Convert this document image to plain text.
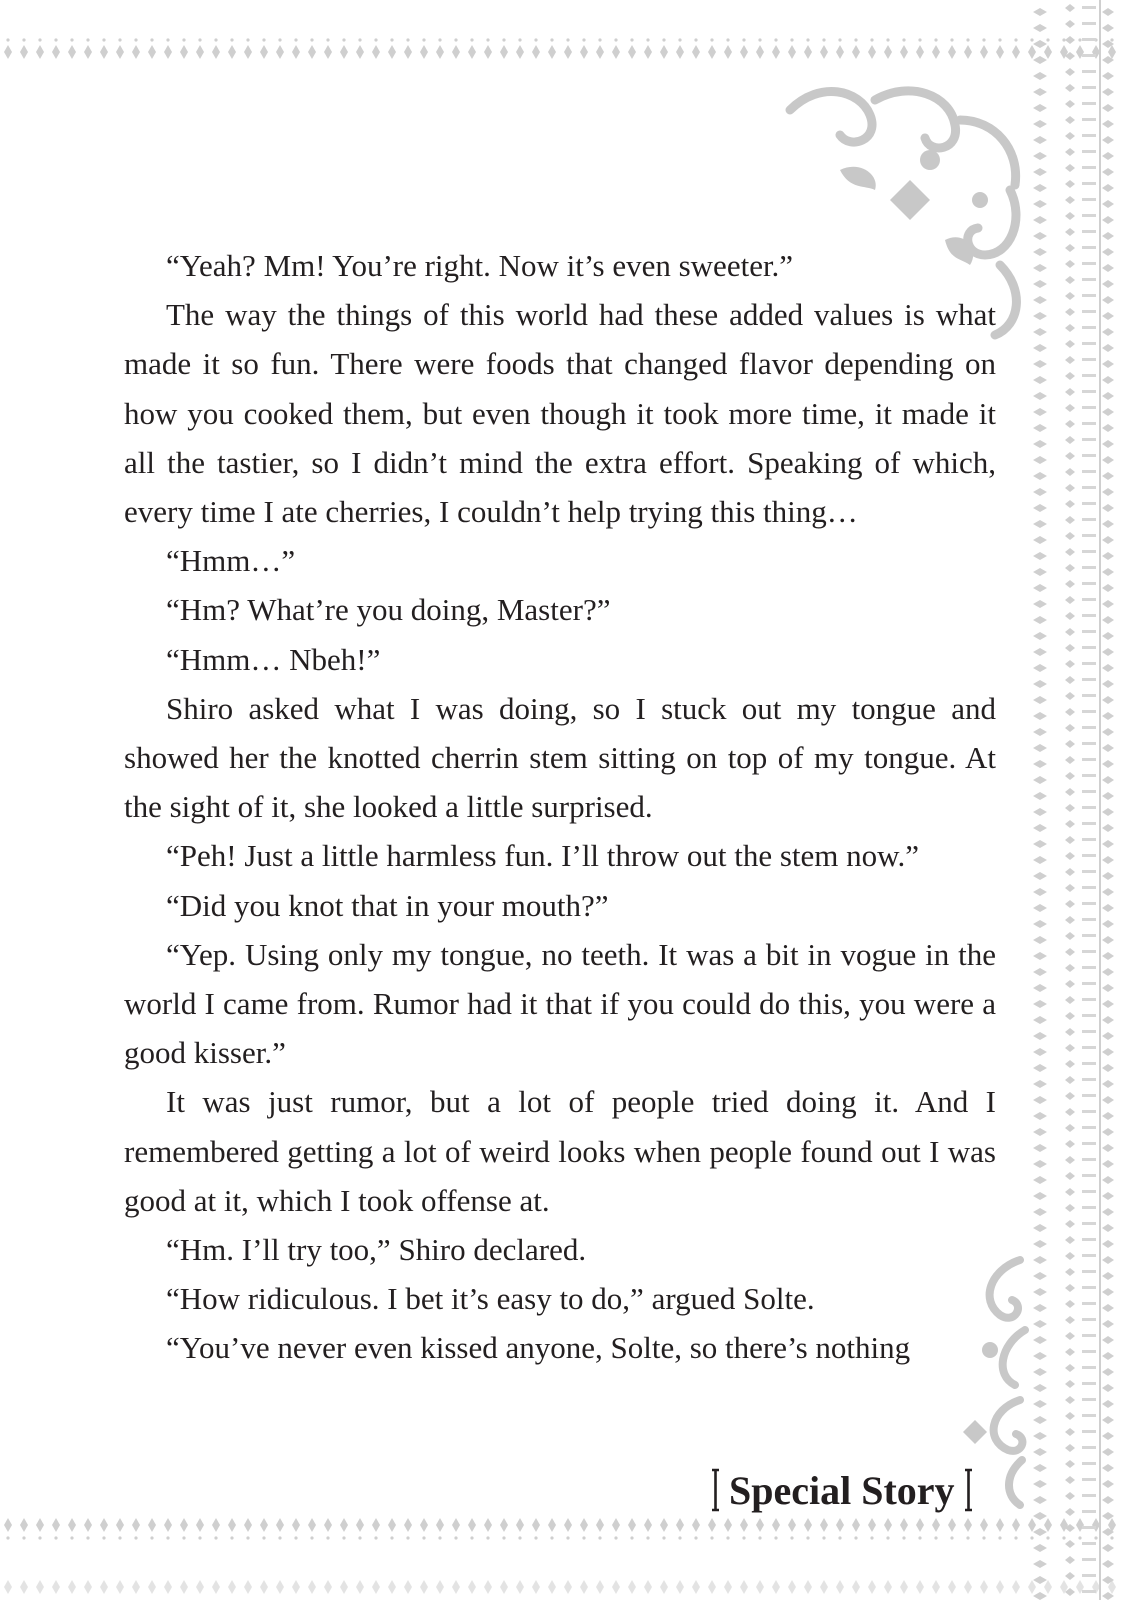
“Yeah? Mm! You’re right. Now it’s even sweeter.”

The way the things of this world had these added values is what made it so fun. There were foods that changed flavor depending on how you cooked them, but even though it took more time, it made it all the tastier, so I didn’t mind the extra effort. Speaking of which, every time I ate cherries, I couldn’t help trying this thing…

“Hmm…”

“Hm? What’re you doing, Master?”

“Hmm… Nbeh!”

Shiro asked what I was doing, so I stuck out my tongue and showed her the knotted cherrin stem sitting on top of my tongue. At the sight of it, she looked a little surprised.

“Peh! Just a little harmless fun. I’ll throw out the stem now.”

“Did you knot that in your mouth?”

“Yep. Using only my tongue, no teeth. It was a bit in vogue in the world I came from. Rumor had it that if you could do this, you were a good kisser.”

It was just rumor, but a lot of people tried doing it. And I remembered getting a lot of weird looks when people found out I was good at it, which I took offense at.

“Hm. I’ll try too,” Shiro declared.

“How ridiculous. I bet it’s easy to do,” argued Solte.

“You’ve never even kissed anyone, Solte, so there’s nothing

Special Story
